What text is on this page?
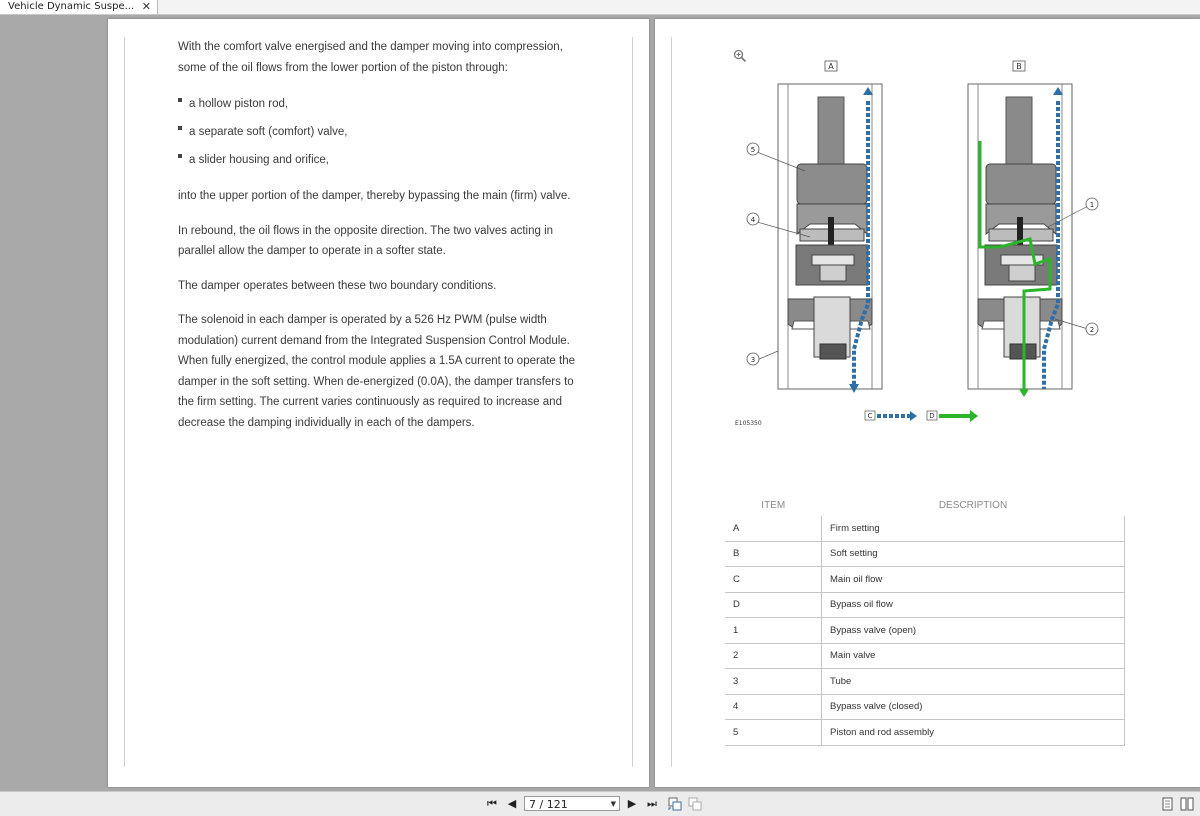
Vehicle Dynamic Suspe... ✕

With the comfort valve energised and the damper moving into compression, some of the oil flows from the lower portion of the piston through:

a hollow piston rod,
a separate soft (comfort) valve,
a slider housing and orifice,

into the upper portion of the damper, thereby bypassing the main (firm) valve.

In rebound, the oil flows in the opposite direction. The two valves acting in parallel allow the damper to operate in a softer state.

The damper operates between these two boundary conditions.

The solenoid in each damper is operated by a 526 Hz PWM (pulse width modulation) current demand from the Integrated Suspension Control Module. When fully energized, the control module applies a 1.5A current to operate the damper in the soft setting. When de-energized (0.0A), the damper transfers to the firm setting. The current varies continuously as required to increase and decrease the damping individually in each of the dampers.

A	B
5
4
3
1
2
E105350
C	D
ITEM	DESCRIPTION
A	Firm setting
B	Soft setting
C	Main oil flow
D	Bypass oil flow
1	Bypass valve (open)
2	Main valve
3	Tube
4	Bypass valve (closed)
5	Piston and rod assembly
⏮ ◀	7 / 121	▼ ▶ ⏭
